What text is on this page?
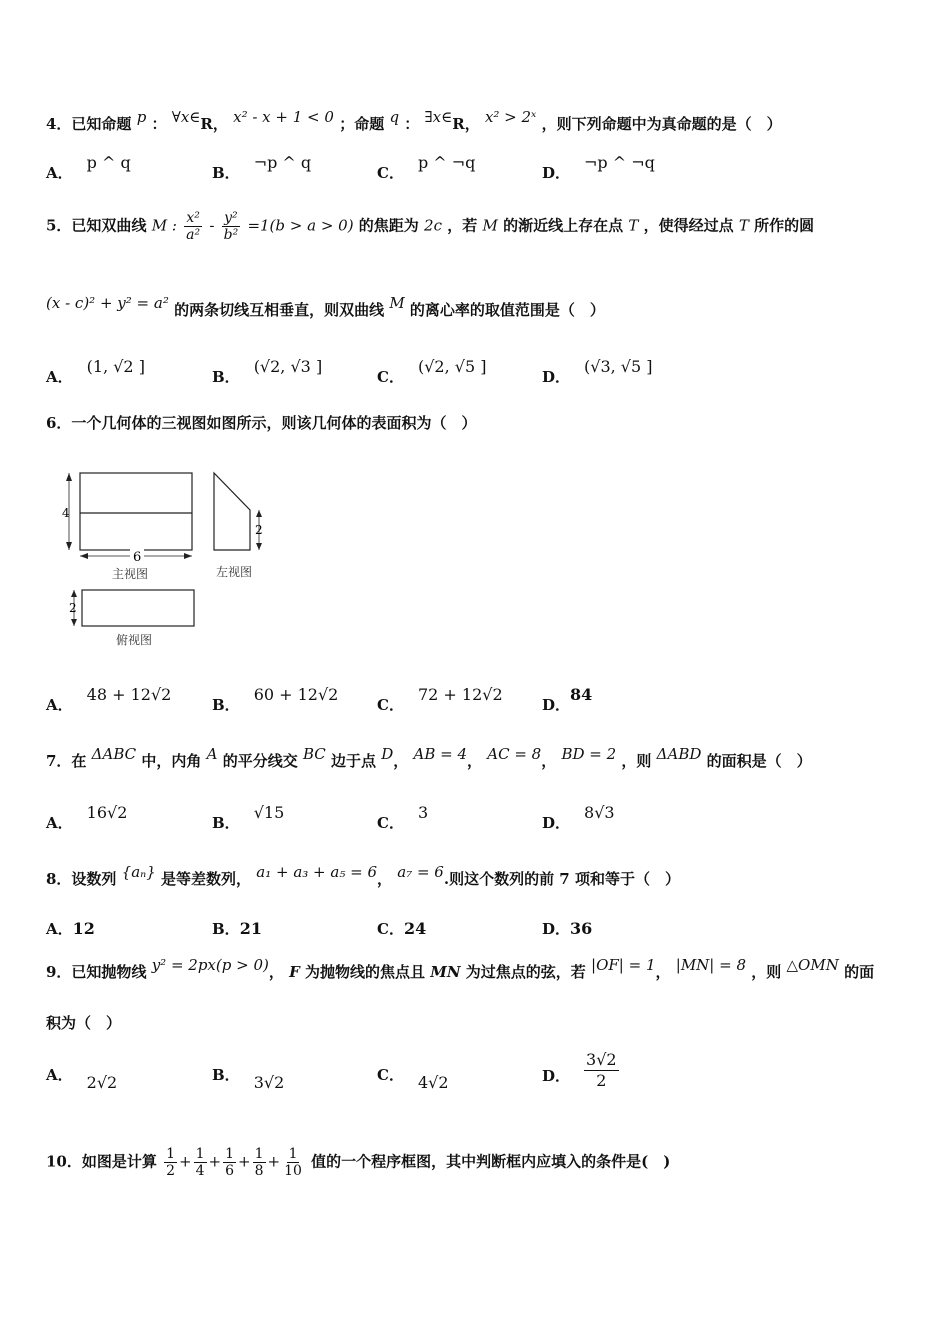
4．已知命题 p ： ∀x∈R， x² - x + 1 < 0 ；命题 q ： ∃x∈R， x² > 2ˣ ，则下列命题中为真命题的是（　）
A．p ^ q
B．¬p ^ q
C．p ^ ¬q
D．¬p ^ ¬q
5．已知双曲线 M : $\frac{\text{x²}}{\text{a²}} - \frac{\text{y²}}{\text{b²}} =1(b > a > 0)$ 的焦距为 2c ，若 M 的渐近线上存在点 T ，使得经过点 T 所作的圆
(x - c)² + y² = a² 的两条切线互相垂直，则双曲线 M 的离心率的取值范围是（　）
A．(1, √2 ]
B．(√2, √3 ]
C．(√2, √5 ]
D．(√3, √5 ]
6．一个几何体的三视图如图所示，则该几何体的表面积为（　）
4
6
主视图
2
左视图
2
俯视图
A．48 + 12√2
B．60 + 12√2
C．72 + 12√2
D．84
7．在 ΔABC 中，内角 A 的平分线交 BC 边于点 D， AB = 4， AC = 8， BD = 2 ，则 ΔABD 的面积是（　）
A．16√2
B．√15
C．3
D．8√3
8．设数列 {aₙ} 是等差数列， a₁ + a₃ + a₅ = 6， a₇ = 6.则这个数列的前 7 项和等于（　）
A．12	B．21	C．24	D．36
9．已知抛物线 y² = 2px(p > 0)， F 为抛物线的焦点且 MN 为过焦点的弦，若 |OF| = 1， |MN| = 8 ，则 △OMN 的面
积为（　）
A． 2√2	B． 3√2	C． 4√2	D． $\frac{3√2}{2}$
10．如图是计算 $\frac{1}{2} + \frac{1}{4} + \frac{1}{6} + \frac{1}{8} + \frac{1}{10}$ 值的一个程序框图，其中判断框内应填入的条件是(　)
